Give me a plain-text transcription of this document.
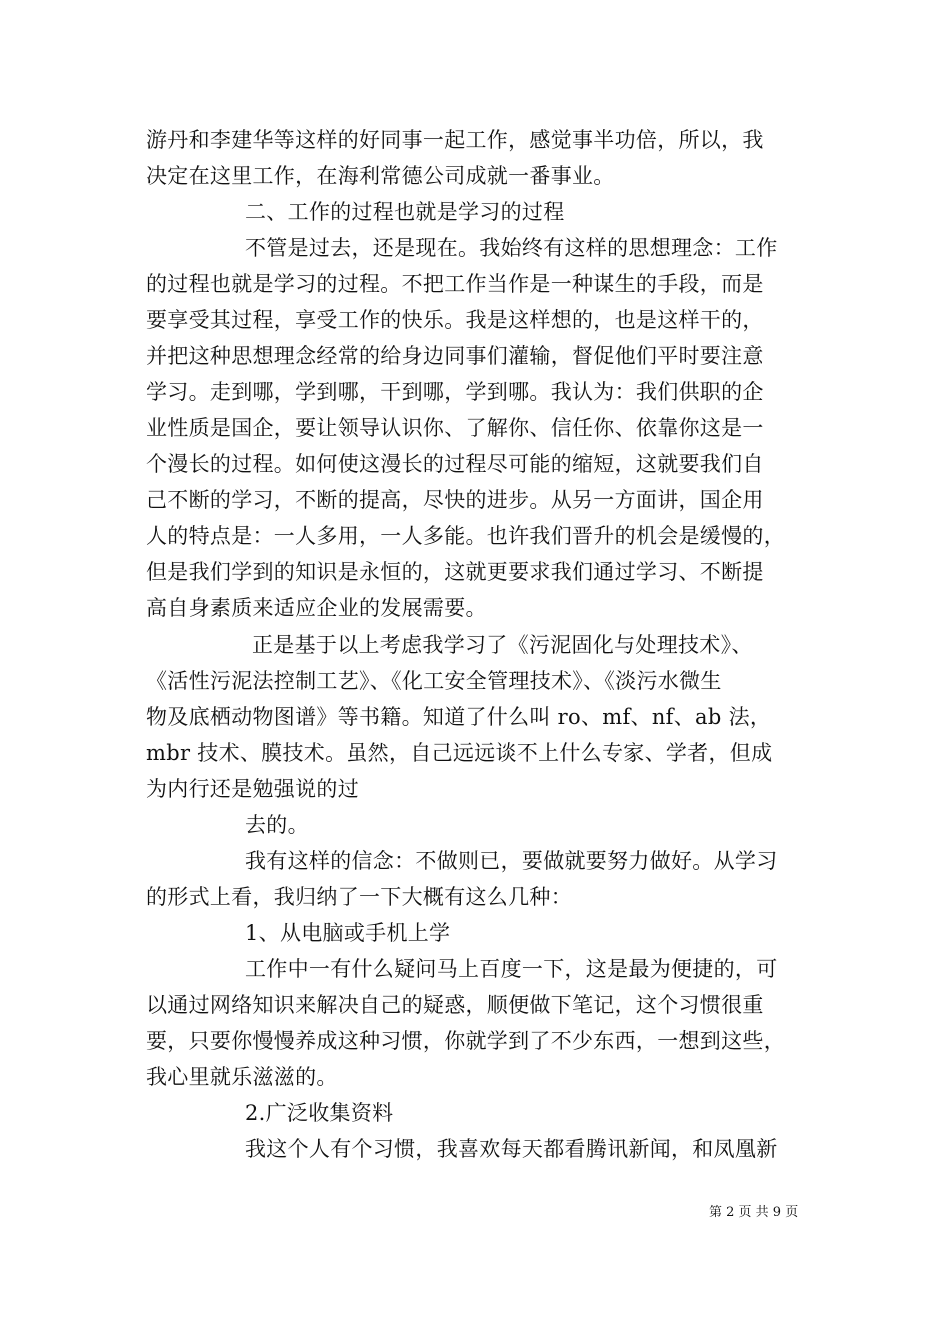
游丹和李建华等这样的好同事一起工作，感觉事半功倍，所以，我
决定在这里工作，在海利常德公司成就一番事业。
二、工作的过程也就是学习的过程
不管是过去，还是现在。我始终有这样的思想理念：工作
的过程也就是学习的过程。不把工作当作是一种谋生的手段，而是
要享受其过程，享受工作的快乐。我是这样想的，也是这样干的，
并把这种思想理念经常的给身边同事们灌输，督促他们平时要注意
学习。走到哪，学到哪，干到哪，学到哪。我认为：我们供职的企
业性质是国企，要让领导认识你、了解你、信任你、依靠你这是一
个漫长的过程。如何使这漫长的过程尽可能的缩短，这就要我们自
己不断的学习，不断的提高，尽快的进步。从另一方面讲，国企用
人的特点是：一人多用，一人多能。也许我们晋升的机会是缓慢的，
但是我们学到的知识是永恒的，这就更要求我们通过学习、不断提
高自身素质来适应企业的发展需要。
正是基于以上考虑我学习了《污泥固化与处理技术》、
《活性污泥法控制工艺》、《化工安全管理技术》、《淡污水微生
物及底栖动物图谱》等书籍。知道了什么叫 ro、mf、nf、ab 法，
mbr 技术、膜技术。虽然，自己远远谈不上什么专家、学者，但成
为内行还是勉强说的过
去的。
我有这样的信念：不做则已，要做就要努力做好。从学习
的形式上看，我归纳了一下大概有这么几种：
1、从电脑或手机上学
工作中一有什么疑问马上百度一下，这是最为便捷的，可
以通过网络知识来解决自己的疑惑，顺便做下笔记，这个习惯很重
要，只要你慢慢养成这种习惯，你就学到了不少东西，一想到这些，
我心里就乐滋滋的。
2.广泛收集资料
我这个人有个习惯，我喜欢每天都看腾讯新闻，和凤凰新
第 2 页 共 9 页
